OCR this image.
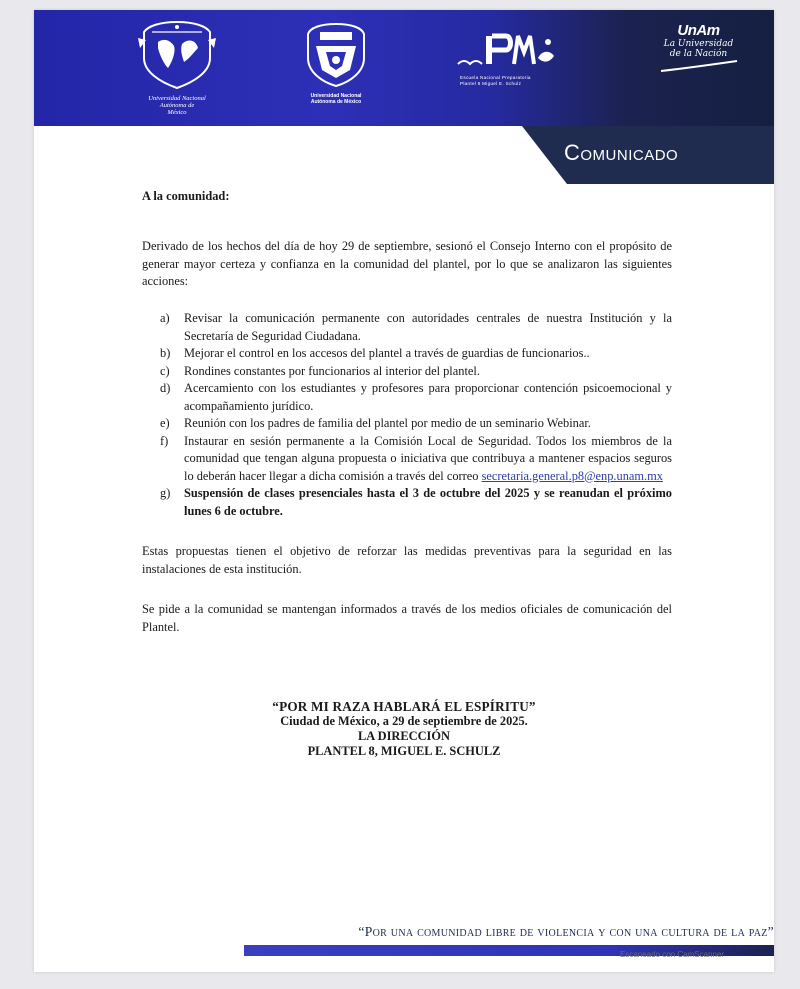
Universidad Nacional
Autónoma de
México
Universidad Nacional
Autónoma de México
Escuela Nacional Preparatoria
Plantel 8 Miguel E. Schulz
UnAm
La Universidad
de la Nación
Comunicado
A la comunidad:
Derivado de los hechos del día de hoy 29 de septiembre, sesionó el Consejo Interno con el propósito de generar mayor certeza y confianza en la comunidad del plantel, por lo que se analizaron las siguientes acciones:
a) Revisar la comunicación permanente con autoridades centrales de nuestra Institución y la Secretaría de Seguridad Ciudadana.
b) Mejorar el control en los accesos del plantel a través de guardias de funcionarios..
c) Rondines constantes por funcionarios al interior del plantel.
d) Acercamiento con los estudiantes y profesores para proporcionar contención psicoemocional y acompañamiento jurídico.
e) Reunión con los padres de familia del plantel por medio de un seminario Webinar.
f) Instaurar en sesión permanente a la Comisión Local de Seguridad. Todos los miembros de la comunidad que tengan alguna propuesta o iniciativa que contribuya a mantener espacios seguros lo deberán hacer llegar a dicha comisión a través del correo secretaria.general.p8@enp.unam.mx
g) Suspensión de clases presenciales hasta el 3 de octubre del 2025 y se reanudan el próximo lunes 6 de octubre.
Estas propuestas tienen el objetivo de reforzar las medidas preventivas para la seguridad en las instalaciones de esta institución.
Se pide a la comunidad se mantengan informados a través de los medios oficiales de comunicación del Plantel.
“POR MI RAZA HABLARÁ EL ESPÍRITU”
Ciudad de México, a 29 de septiembre de 2025.
LA DIRECCIÓN
PLANTEL 8, MIGUEL E. SCHULZ
“Por una comunidad libre de violencia y con una cultura de la paz”
Escaneado con CamScanner
